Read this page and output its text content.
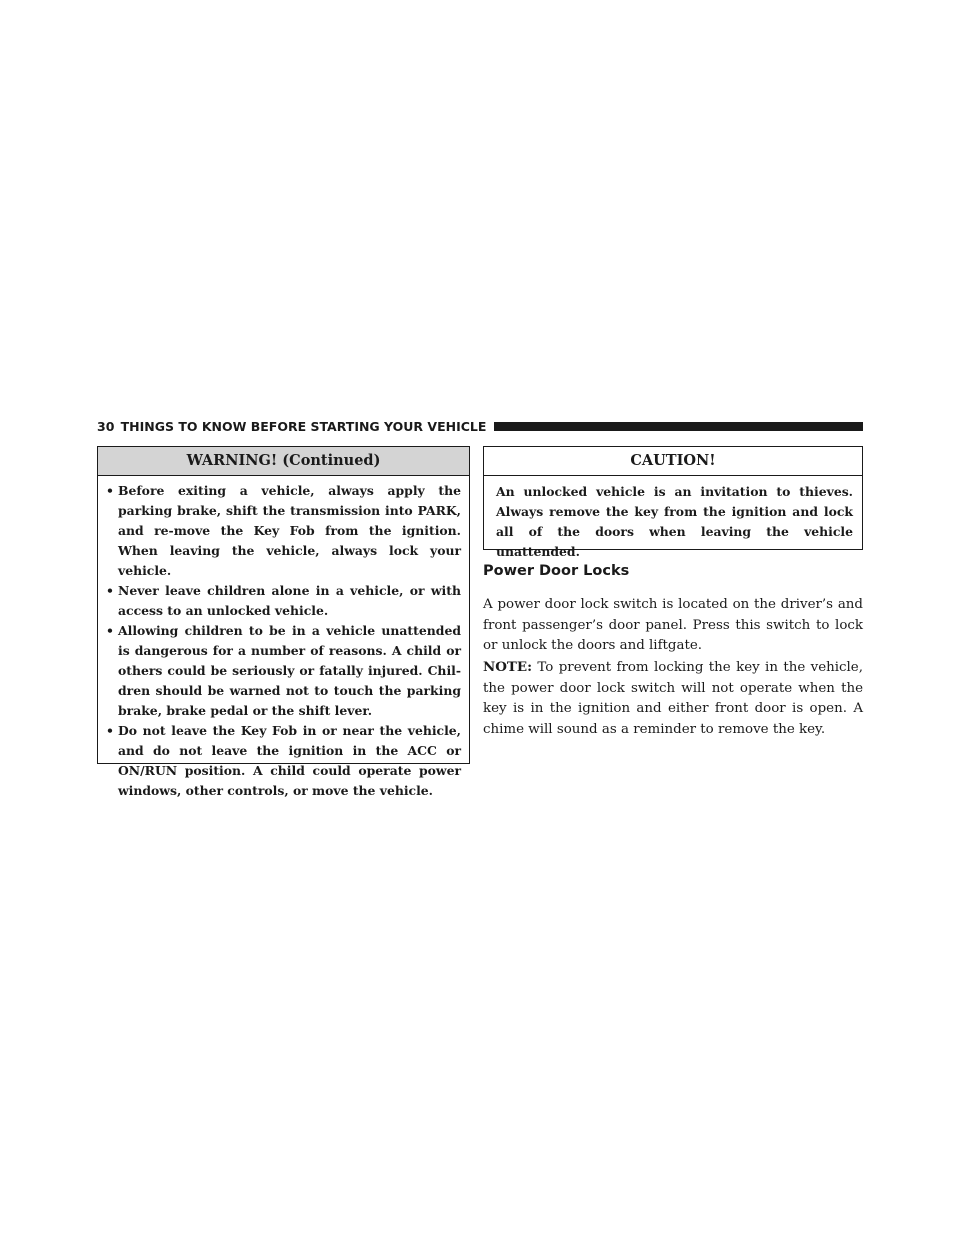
30 THINGS TO KNOW BEFORE STARTING YOUR VEHICLE
WARNING! (Continued)
• Before exiting a vehicle, always apply the parking brake, shift the transmission into PARK, and re-move the Key Fob from the ignition. When leaving the vehicle, always lock your vehicle.
• Never leave children alone in a vehicle, or with access to an unlocked vehicle.
• Allowing children to be in a vehicle unattended is dangerous for a number of reasons. A child or others could be seriously or fatally injured. Chil-dren should be warned not to touch the parking brake, brake pedal or the shift lever.
• Do not leave the Key Fob in or near the vehicle, and do not leave the ignition in the ACC or ON/RUN position. A child could operate power windows, other controls, or move the vehicle.
CAUTION!
An unlocked vehicle is an invitation to thieves. Always remove the key from the ignition and lock all of the doors when leaving the vehicle unattended.
Power Door Locks
A power door lock switch is located on the driver’s and front passenger’s door panel. Press this switch to lock or unlock the doors and liftgate.
NOTE: To prevent from locking the key in the vehicle, the power door lock switch will not operate when the key is in the ignition and either front door is open. A chime will sound as a reminder to remove the key.
